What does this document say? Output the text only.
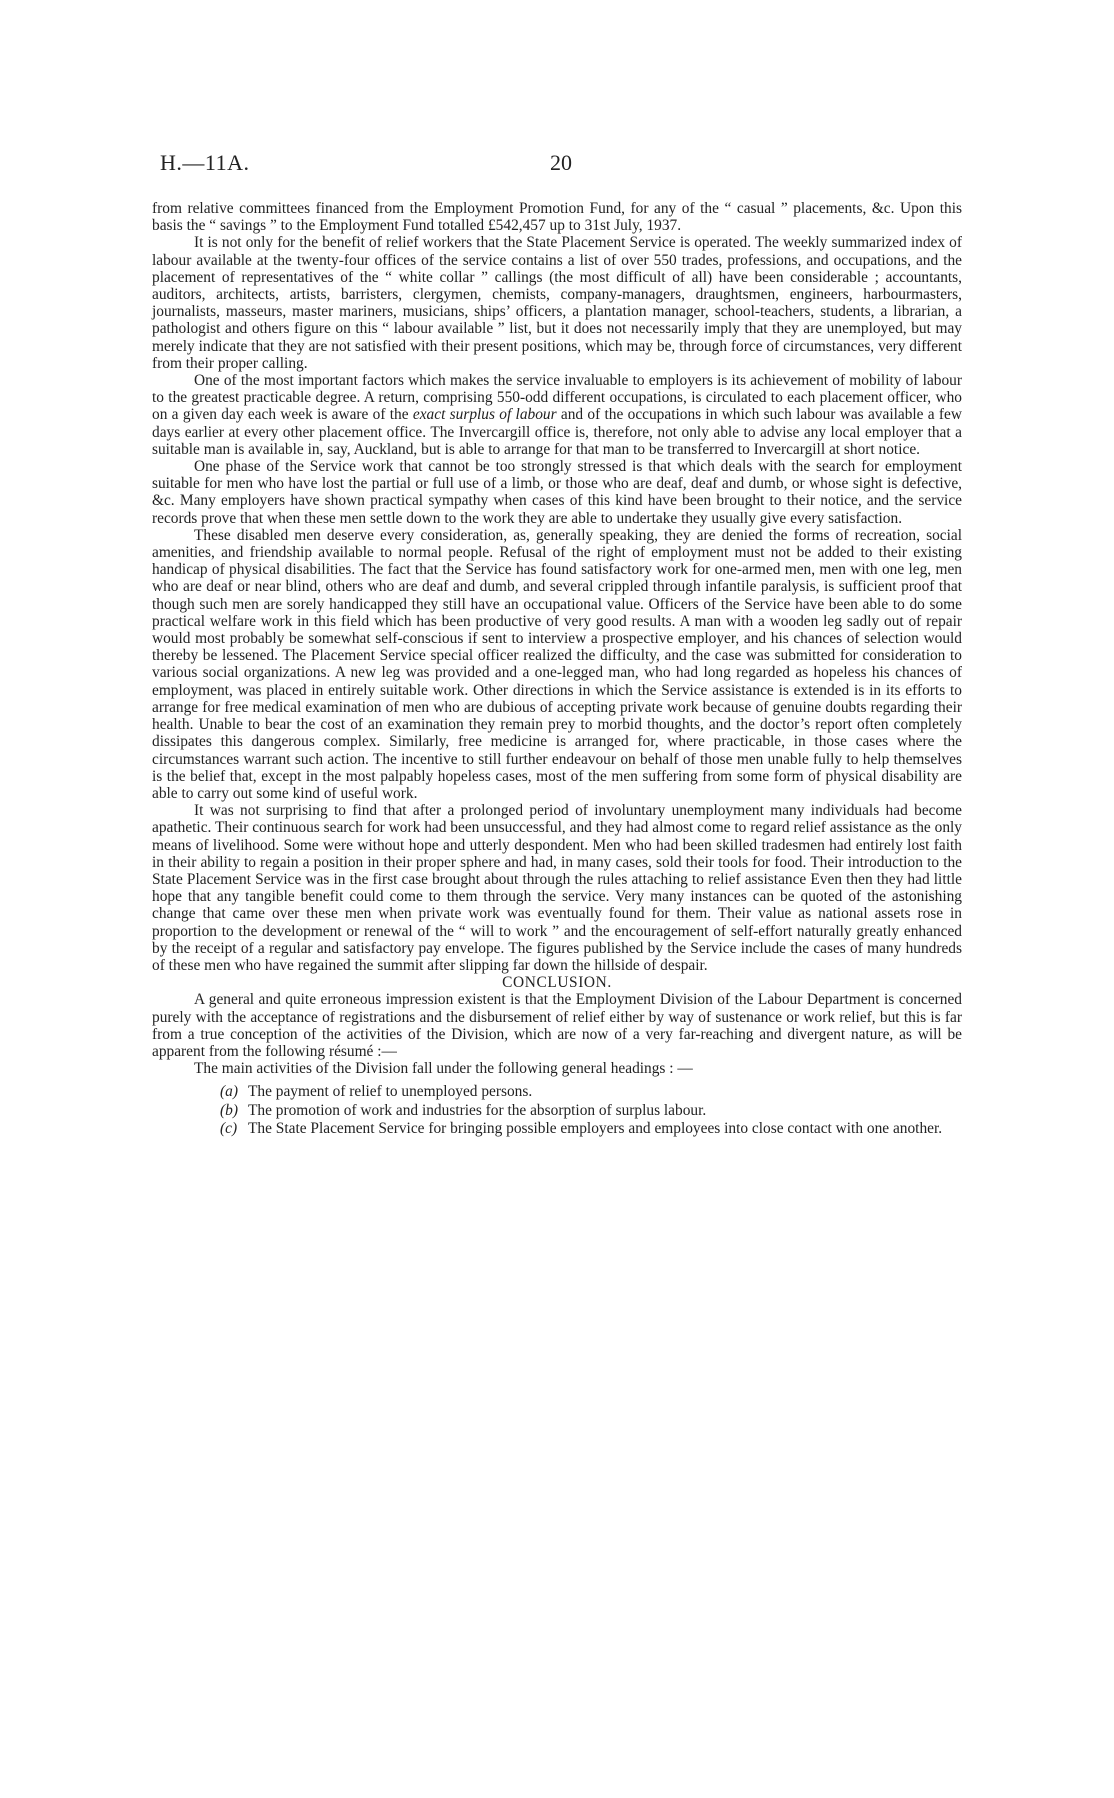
H.—11A.	20

from relative committees financed from the Employment Promotion Fund, for any of the “ casual ” placements, &c. Upon this basis the “ savings ” to the Employment Fund totalled £542,457 up to 31st July, 1937.

It is not only for the benefit of relief workers that the State Placement Service is operated. The weekly summarized index of labour available at the twenty-four offices of the service contains a list of over 550 trades, professions, and occupations, and the placement of representatives of the “ white collar ” callings (the most difficult of all) have been considerable ; accountants, auditors, architects, artists, barristers, clergymen, chemists, company-managers, draughtsmen, engineers, harbourmasters, journalists, masseurs, master mariners, musicians, ships’ officers, a plantation manager, school-teachers, students, a librarian, a pathologist and others figure on this “ labour available ” list, but it does not necessarily imply that they are unemployed, but may merely indicate that they are not satisfied with their present positions, which may be, through force of circumstances, very different from their proper calling.

One of the most important factors which makes the service invaluable to employers is its achievement of mobility of labour to the greatest practicable degree. A return, comprising 550-odd different occupations, is circulated to each placement officer, who on a given day each week is aware of the exact surplus of labour and of the occupations in which such labour was available a few days earlier at every other placement office. The Invercargill office is, therefore, not only able to advise any local employer that a suitable man is available in, say, Auckland, but is able to arrange for that man to be transferred to Invercargill at short notice.

One phase of the Service work that cannot be too strongly stressed is that which deals with the search for employment suitable for men who have lost the partial or full use of a limb, or those who are deaf, deaf and dumb, or whose sight is defective, &c. Many employers have shown practical sympathy when cases of this kind have been brought to their notice, and the service records prove that when these men settle down to the work they are able to undertake they usually give every satisfaction.

These disabled men deserve every consideration, as, generally speaking, they are denied the forms of recreation, social amenities, and friendship available to normal people. Refusal of the right of employment must not be added to their existing handicap of physical disabilities. The fact that the Service has found satisfactory work for one-armed men, men with one leg, men who are deaf or near blind, others who are deaf and dumb, and several crippled through infantile paralysis, is sufficient proof that though such men are sorely handicapped they still have an occupational value. Officers of the Service have been able to do some practical welfare work in this field which has been productive of very good results. A man with a wooden leg sadly out of repair would most probably be somewhat self-conscious if sent to interview a prospective employer, and his chances of selection would thereby be lessened. The Placement Service special officer realized the difficulty, and the case was submitted for consideration to various social organizations. A new leg was provided and a one-legged man, who had long regarded as hopeless his chances of employment, was placed in entirely suitable work. Other directions in which the Service assistance is extended is in its efforts to arrange for free medical examination of men who are dubious of accepting private work because of genuine doubts regarding their health. Unable to bear the cost of an examination they remain prey to morbid thoughts, and the doctor’s report often completely dissipates this dangerous complex. Similarly, free medicine is arranged for, where practicable, in those cases where the circumstances warrant such action. The incentive to still further endeavour on behalf of those men unable fully to help themselves is the belief that, except in the most palpably hopeless cases, most of the men suffering from some form of physical disability are able to carry out some kind of useful work.

It was not surprising to find that after a prolonged period of involuntary unemployment many individuals had become apathetic. Their continuous search for work had been unsuccessful, and they had almost come to regard relief assistance as the only means of livelihood. Some were without hope and utterly despondent. Men who had been skilled tradesmen had entirely lost faith in their ability to regain a position in their proper sphere and had, in many cases, sold their tools for food. Their introduction to the State Placement Service was in the first case brought about through the rules attaching to relief assistance Even then they had little hope that any tangible benefit could come to them through the service. Very many instances can be quoted of the astonishing change that came over these men when private work was eventually found for them. Their value as national assets rose in proportion to the development or renewal of the “ will to work ” and the encouragement of self-effort naturally greatly enhanced by the receipt of a regular and satisfactory pay envelope. The figures published by the Service include the cases of many hundreds of these men who have regained the summit after slipping far down the hillside of despair.

CONCLUSION.

A general and quite erroneous impression existent is that the Employment Division of the Labour Department is concerned purely with the acceptance of registrations and the disbursement of relief either by way of sustenance or work relief, but this is far from a true conception of the activities of the Division, which are now of a very far-reaching and divergent nature, as will be apparent from the following résumé :—

The main activities of the Division fall under the following general headings : —

(a) The payment of relief to unemployed persons.
(b) The promotion of work and industries for the absorption of surplus labour.
(c) The State Placement Service for bringing possible employers and employees into close contact with one another.
